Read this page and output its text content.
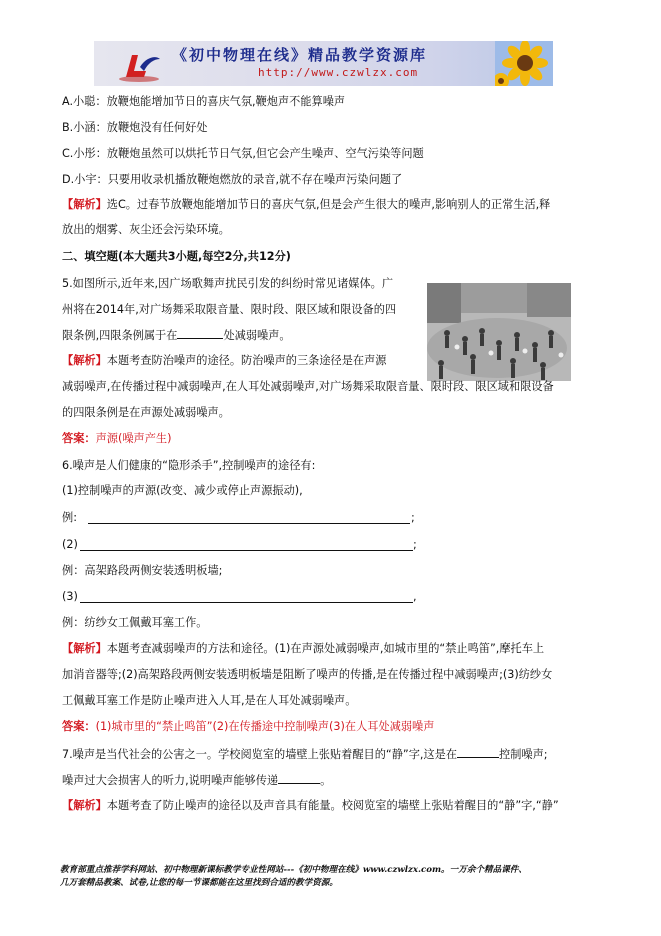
《初中物理在线》精品教学资源库
http://www.czwlzx.com
A.小聪：放鞭炮能增加节日的喜庆气氛,鞭炮声不能算噪声
B.小涵：放鞭炮没有任何好处
C.小彤：放鞭炮虽然可以烘托节日气氛,但它会产生噪声、空气污染等问题
D.小宇：只要用收录机播放鞭炮燃放的录音,就不存在噪声污染问题了
【解析】选C。过春节放鞭炮能增加节日的喜庆气氛,但是会产生很大的噪声,影响别人的正常生活,释
放出的烟雾、灰尘还会污染环境。
二、填空题(本大题共3小题,每空2分,共12分)
5.如图所示,近年来,因广场歌舞声扰民引发的纠纷时常见诸媒体。广
州将在2014年,对广场舞采取限音量、限时段、限区域和限设备的四
限条例,四限条例属于在	处减弱噪声。
【解析】本题考查防治噪声的途径。防治噪声的三条途径是在声源
减弱噪声,在传播过程中减弱噪声,在人耳处减弱噪声,对广场舞采取限音量、限时段、限区域和限设备
的四限条例是在声源处减弱噪声。
答案：声源(噪声产生)
6.噪声是人们健康的“隐形杀手”,控制噪声的途径有:
(1)控制噪声的声源(改变、减少或停止声源振动),
例:	;
(2)	;
例：高架路段两侧安装透明板墙;
(3)	,
例：纺纱女工佩戴耳塞工作。
【解析】本题考查减弱噪声的方法和途径。(1)在声源处减弱噪声,如城市里的“禁止鸣笛”,摩托车上
加消音器等;(2)高架路段两侧安装透明板墙是阻断了噪声的传播,是在传播过程中减弱噪声;(3)纺纱女
工佩戴耳塞工作是防止噪声进入人耳,是在人耳处减弱噪声。
答案：(1)城市里的“禁止鸣笛”(2)在传播途中控制噪声(3)在人耳处减弱噪声
7.噪声是当代社会的公害之一。学校阅览室的墙壁上张贴着醒目的“静”字,这是在	控制噪声;
噪声过大会损害人的听力,说明噪声能够传递	。
【解析】本题考查了防止噪声的途径以及声音具有能量。校阅览室的墙壁上张贴着醒目的“静”字,“静”
教育部重点推荐学科网站、初中物理新课标教学专业性网站---《初中物理在线》www.czwlzx.com。一万余个精品课件、
几万套精品教案、试卷,让您的每一节课都能在这里找到合适的教学资源。
